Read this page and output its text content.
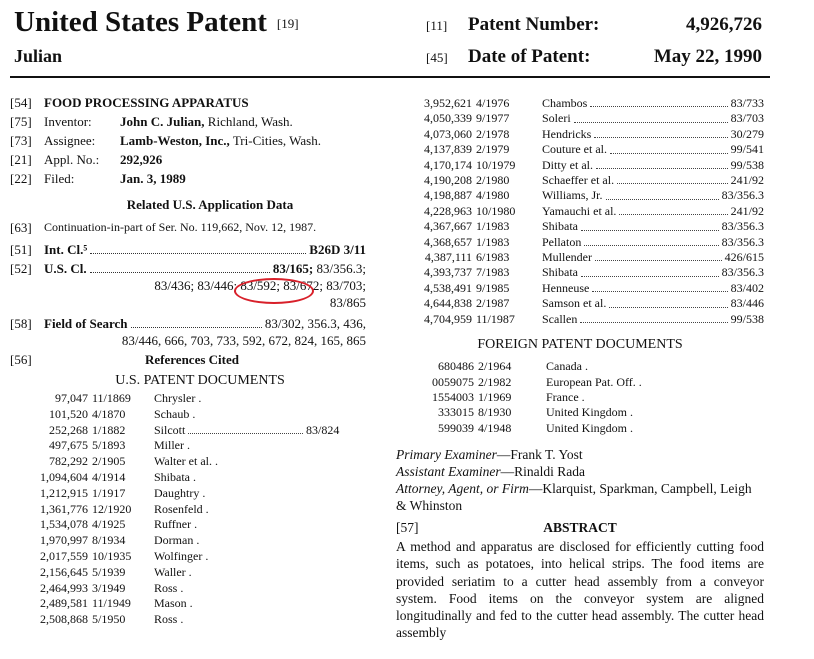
United States Patent [19]
Julian
[11] Patent Number:	4,926,726
[45] Date of Patent:	May 22, 1990
[54] FOOD PROCESSING APPARATUS
[75] Inventor: John C. Julian, Richland, Wash.
[73] Assignee: Lamb-Weston, Inc., Tri-Cities, Wash.
[21] Appl. No.: 292,926
[22] Filed:	Jan. 3, 1989
Related U.S. Application Data
[63]	Continuation-in-part of Ser. No. 119,662, Nov. 12, 1987.
[51] Int. Cl.⁵	B26D 3/11
[52] U.S. Cl.	83/165;
83/356.3;
83/436; 83/446; 83/592; 83/672; 83/703;
83/865
[58] Field of Search	83/302, 356.3, 436,
83/446, 666, 703, 733, 592, 672, 824, 165, 865
[56]	References Cited
U.S. PATENT DOCUMENTS
97,047 11/1869	Chrysler .
101,520 4/1870	Schaub .
252,268 1/1882	Silcott	83/824
497,675 5/1893	Miller .
782,292 2/1905	Walter et al. .
1,094,604 4/1914	Shibata .
1,212,915 1/1917	Daughtry .
1,361,776 12/1920	Rosenfeld .
1,534,078 4/1925	Ruffner .
1,970,997 8/1934	Dorman .
2,017,559 10/1935	Wolfinger .
2,156,645 5/1939	Waller .
2,464,993 3/1949	Ross .
2,489,581 11/1949	Mason .
2,508,868 5/1950	Ross .
3,952,621 4/1976	Chambos	83/733
4,050,339 9/1977	Soleri	83/703
4,073,060 2/1978	Hendricks	30/279
4,137,839 2/1979	Couture et al.	99/541
4,170,174 10/1979	Ditty et al.	99/538
4,190,208 2/1980	Schaeffer et al.	241/92
4,198,887 4/1980	Williams, Jr.	83/356.3
4,228,963 10/1980	Yamauchi et al.	241/92
4,367,667 1/1983	Shibata	83/356.3
4,368,657 1/1983	Pellaton	83/356.3
4,387,111 6/1983	Mullender	426/615
4,393,737 7/1983	Shibata	83/356.3
4,538,491 9/1985	Henneuse	83/402
4,644,838 2/1987	Samson et al.	83/446
4,704,959 11/1987	Scallen	99/538
FOREIGN PATENT DOCUMENTS
680486 2/1964	Canada .
0059075 2/1982	European Pat. Off. .
1554003 1/1969	France .
333015 8/1930	United Kingdom .
599039 4/1948	United Kingdom .
Primary Examiner—Frank T. Yost
Assistant Examiner—Rinaldi Rada
Attorney, Agent, or Firm—Klarquist, Sparkman, Campbell, Leigh & Whinston
[57]	ABSTRACT
A method and apparatus are disclosed for efficiently cutting food items, such as potatoes, into helical strips. The food items are provided seriatim to a cutter head assembly from a conveyor system. Food items on the conveyor system are aligned longitudinally and fed to the cutter head assembly. The cutter head assembly
